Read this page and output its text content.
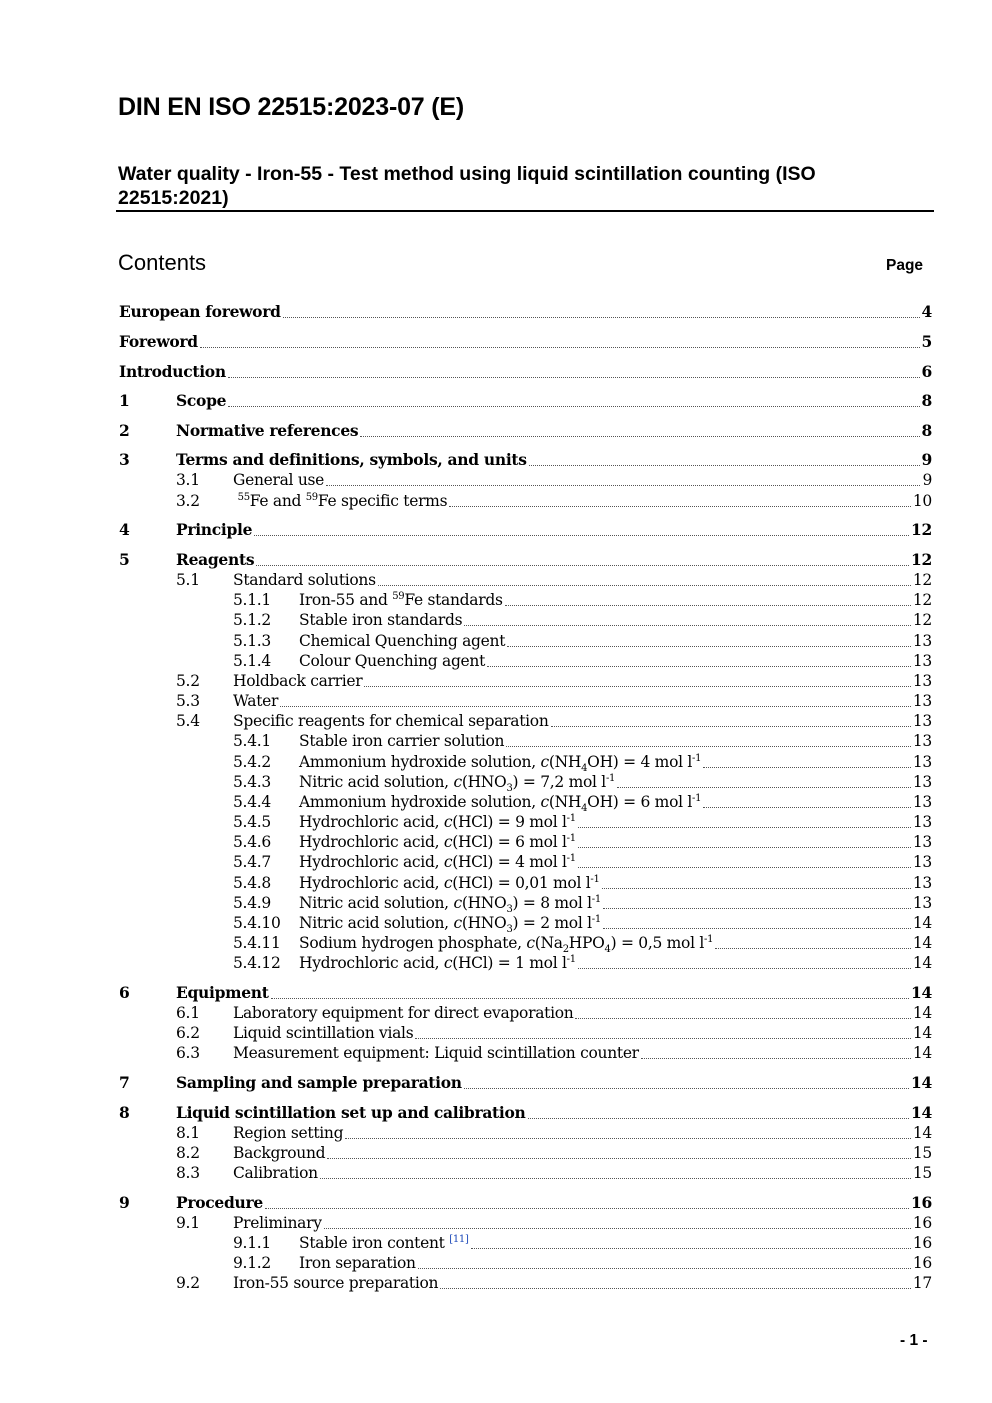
DIN EN ISO 22515:2023-07 (E)

Water quality - Iron-55 - Test method using liquid scintillation counting (ISO 22515:2021)

Contents	Page
European foreword	4
Foreword	5
Introduction	6
1	Scope	8
2	Normative references	8
3	Terms and definitions, symbols, and units	9
3.1 General use	9
3.2	$^{55}$Fe and $^{59}$Fe specific terms	10
4	Principle	12
5	Reagents	12
5.1 Standard solutions	12
5.1.1 Iron-55 and $^{59}$Fe standards	12
5.1.2 Stable iron standards	12
5.1.3 Chemical Quenching agent	13
5.1.4 Colour Quenching agent	13
5.2 Holdback carrier	13
5.3 Water	13
5.4 Specific reagents for chemical separation	13
5.4.1 Stable iron carrier solution	13
5.4.2 Ammonium hydroxide solution, $c(NH_4OH) = 4$ mol $l^{-1}$	13
5.4.3 Nitric acid solution, $c(HNO_3) = 7,2$ mol $l^{-1}$	13
5.4.4 Ammonium hydroxide solution, $c(NH_4OH) = 6$ mol $l^{-1}$	13
5.4.5 Hydrochloric acid, c(HCl) = 9 mol $l^{-1}$	13
5.4.6 Hydrochloric acid, c(HCl) = 6 mol $l^{-1}$	13
5.4.7 Hydrochloric acid, c(HCl) = 4 mol $l^{-1}$	13
5.4.8 Hydrochloric acid, c(HCl) = 0,01 mol $l^{-1}$	13
5.4.9 Nitric acid solution, $c(HNO_3) = 8$ mol $l^{-1}$	13
5.4.10 Nitric acid solution, $c(HNO_3) = 2$ mol $l^{-1}$	14
5.4.11 Sodium hydrogen phosphate, $c(Na_2HPO_4) = 0,5$ mol $l^{-1}$	14
5.4.12 Hydrochloric acid, c(HCl) = 1 mol $l^{-1}$	14
6	Equipment	14
6.1 Laboratory equipment for direct evaporation	14
6.2 Liquid scintillation vials	14
6.3 Measurement equipment: Liquid scintillation counter	14
7	Sampling and sample preparation	14
8	Liquid scintillation set up and calibration	14
8.1 Region setting	14
8.2 Background	15
8.3 Calibration	15
9	Procedure	16
9.1 Preliminary	16
9.1.1 Stable iron content [11]	16
9.1.2 Iron separation	16
9.2 Iron-55 source preparation	17
- 1 -
